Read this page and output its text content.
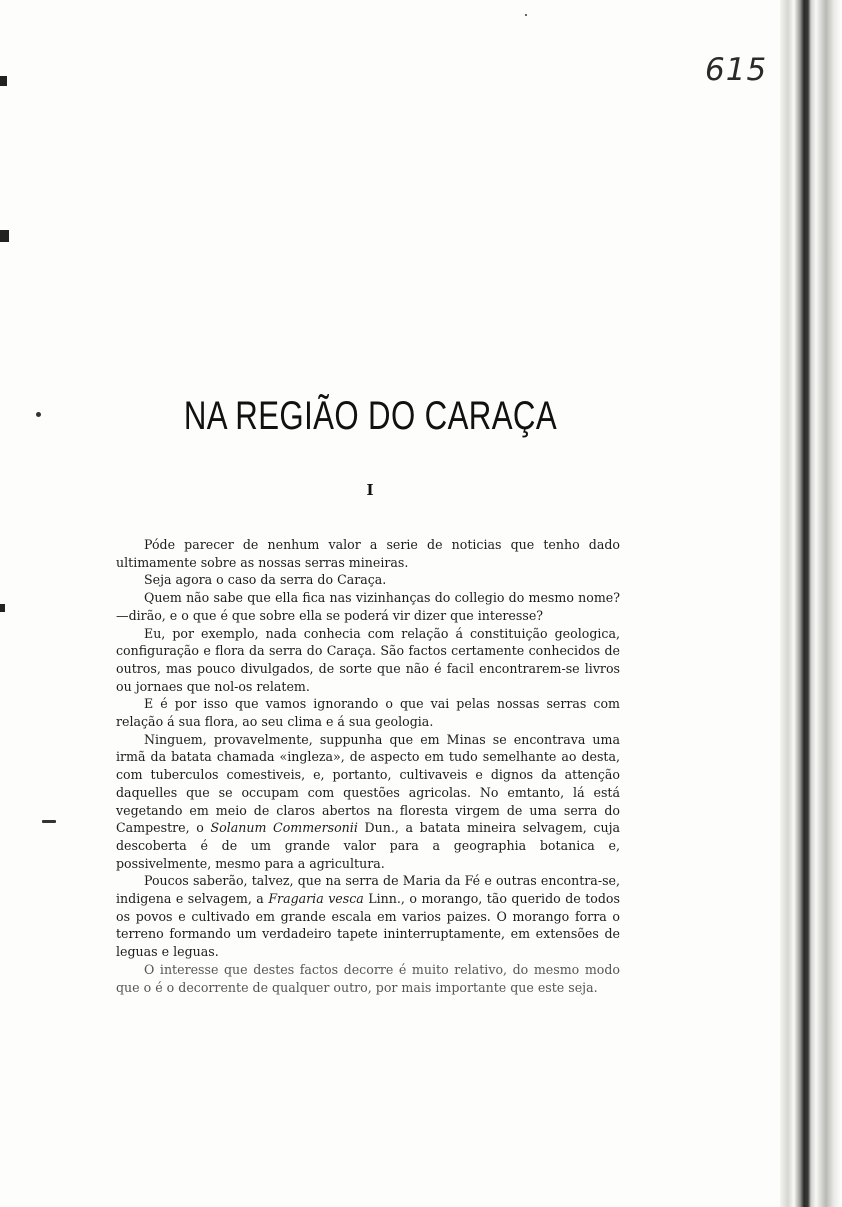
615
NA REGIÃO DO CARAÇA
I

Póde parecer de nenhum valor a serie de noticias que tenho dado ultimamente sobre as nossas serras mineiras.

Seja agora o caso da serra do Caraça.

Quem não sabe que ella fica nas vizinhanças do collegio do mesmo nome?—dirão, e o que é que sobre ella se poderá vir dizer que interesse?

Eu, por exemplo, nada conhecia com relação á constituição geologica, configuração e flora da serra do Caraça. São factos certamente conhecidos de outros, mas pouco divulgados, de sorte que não é facil encontrarem-se livros ou jornaes que nol-os relatem.

E é por isso que vamos ignorando o que vai pelas nossas serras com relação á sua flora, ao seu clima e á sua geologia.

Ninguem, provavelmente, suppunha que em Minas se encontrava uma irmã da batata chamada «ingleza», de aspecto em tudo semelhante ao desta, com tuberculos comestiveis, e, portanto, cultivaveis e dignos da attenção daquelles que se occupam com questões agricolas. No emtanto, lá está vegetando em meio de claros abertos na floresta virgem de uma serra do Campestre, o Solanum Commersonii Dun., a batata mineira selvagem, cuja descoberta é de um grande valor para a geographia botanica e, possivelmente, mesmo para a agricultura.

Poucos saberão, talvez, que na serra de Maria da Fé e outras encontra-se, indigena e selvagem, a Fragaria vesca Linn., o morango, tão querido de todos os povos e cultivado em grande escala em varios paizes. O morango forra o terreno formando um verdadeiro tapete ininterruptamente, em extensões de leguas e leguas.

O interesse que destes factos decorre é muito relativo, do mesmo modo que o é o decorrente de qualquer outro, por mais importante que este seja.
